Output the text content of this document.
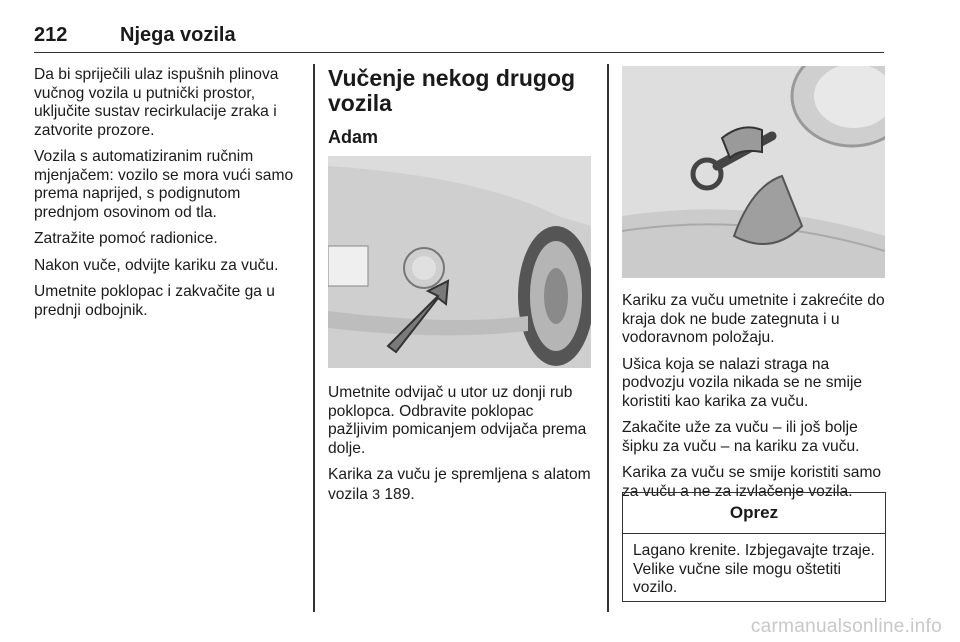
212	Njega vozila

Da bi spriječili ulaz ispušnih plinova vučnog vozila u putnički prostor, uključite sustav recirkulacije zraka i zatvorite prozore.

Vozila s automatiziranim ručnim mjenjačem: vozilo se mora vući samo prema naprijed, s podignutom prednjom osovinom od tla.

Zatražite pomoć radionice.

Nakon vuče, odvijte kariku za vuču.

Umetnite poklopac i zakvačite ga u prednji odbojnik.

Vučenje nekog drugog vozila
Adam

Umetnite odvijač u utor uz donji rub poklopca. Odbravite poklopac pažljivim pomicanjem odvijača prema dolje.

Karika za vuču je spremljena s alatom vozila 3 189.

Kariku za vuču umetnite i zakrećite do kraja dok ne bude zategnuta i u vodoravnom položaju.

Ušica koja se nalazi straga na podvozju vozila nikada se ne smije koristiti kao karika za vuču.

Zakačite uže za vuču – ili još bolje šipku za vuču – na kariku za vuču.

Karika za vuču se smije koristiti samo za vuču a ne za izvlačenje vozila.

Oprez
Lagano krenite. Izbjegavajte trzaje. Velike vučne sile mogu oštetiti vozilo.
carmanualsonline.info
